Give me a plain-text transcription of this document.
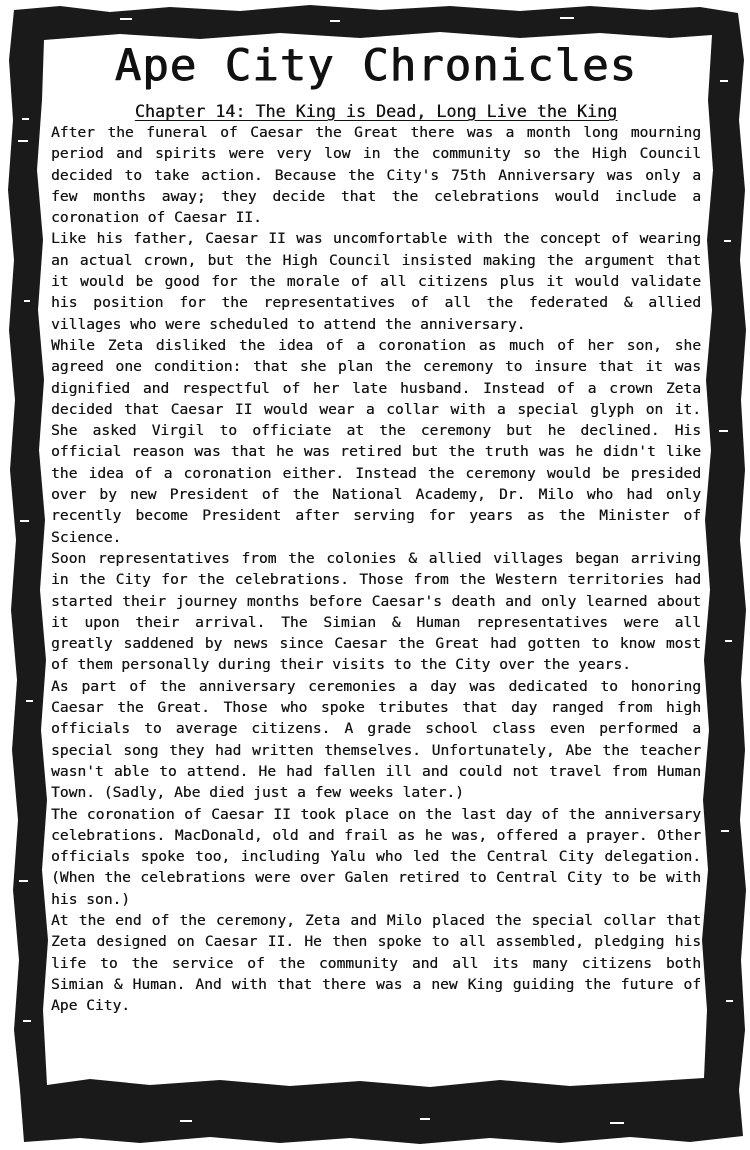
Ape City Chronicles
Chapter 14: The King is Dead, Long Live the King

After the funeral of Caesar the Great there was a month long mourning period and spirits were very low in the community so the High Council decided to take action. Because the City's 75th Anniversary was only a few months away; they decide that the celebrations would include a coronation of Caesar II.

Like his father, Caesar II was uncomfortable with the concept of wearing an actual crown, but the High Council insisted making the argument that it would be good for the morale of all citizens plus it would validate his position for the representatives of all the federated & allied villages who were scheduled to attend the anniversary.

While Zeta disliked the idea of a coronation as much of her son, she agreed one condition: that she plan the ceremony to insure that it was dignified and respectful of her late husband. Instead of a crown Zeta decided that Caesar II would wear a collar with a special glyph on it. She asked Virgil to officiate at the ceremony but he declined. His official reason was that he was retired but the truth was he didn't like the idea of a coronation either. Instead the ceremony would be presided over by new President of the National Academy, Dr. Milo who had only recently become President after serving for years as the Minister of Science.

Soon representatives from the colonies & allied villages began arriving in the City for the celebrations. Those from the Western territories had started their journey months before Caesar's death and only learned about it upon their arrival. The Simian & Human representatives were all greatly saddened by news since Caesar the Great had gotten to know most of them personally during their visits to the City over the years.

As part of the anniversary ceremonies a day was dedicated to honoring Caesar the Great. Those who spoke tributes that day ranged from high officials to average citizens. A grade school class even performed a special song they had written themselves. Unfortunately, Abe the teacher wasn't able to attend. He had fallen ill and could not travel from Human Town. (Sadly, Abe died just a few weeks later.)

The coronation of Caesar II took place on the last day of the anniversary celebrations. MacDonald, old and frail as he was, offered a prayer. Other officials spoke too, including Yalu who led the Central City delegation. (When the celebrations were over Galen retired to Central City to be with his son.)

At the end of the ceremony, Zeta and Milo placed the special collar that Zeta designed on Caesar II. He then spoke to all assembled, pledging his life to the service of the community and all its many citizens both Simian & Human. And with that there was a new King guiding the future of Ape City.
